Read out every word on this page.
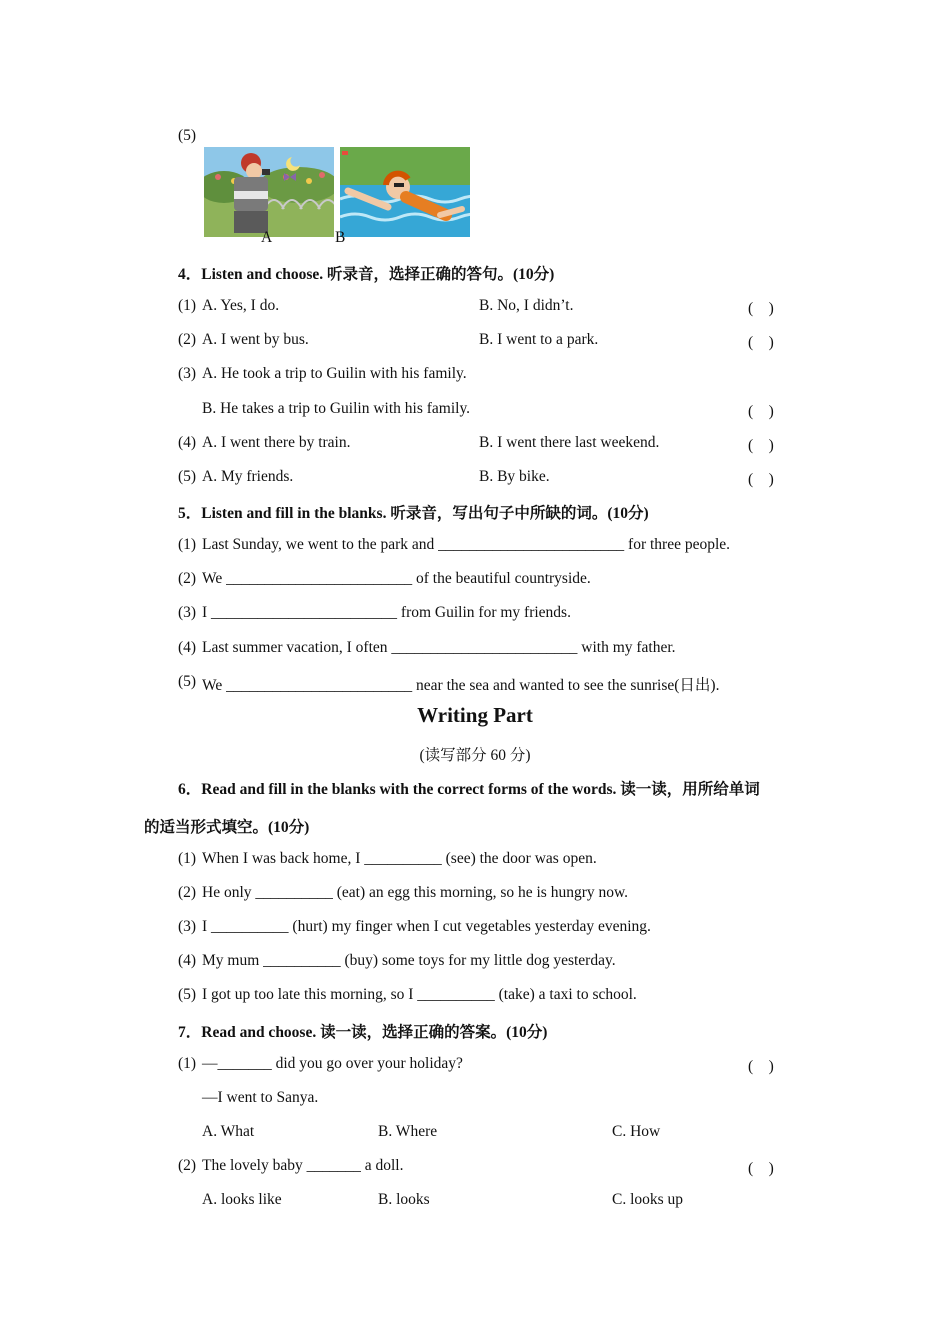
(5)
A	B
4．Listen and choose. 听录音，选择正确的答句。(10分)
(1) A. Yes, I do.	B. No, I didn’t.	(　)
(2) A. I went by bus.	B. I went to a park.	(　)
(3) A. He took a trip to Guilin with his family.
B. He takes a trip to Guilin with his family.	(　)
(4) A. I went there by train.	B. I went there last weekend.	(　)
(5) A. My friends.	B. By bike.	(　)
5．Listen and fill in the blanks. 听录音，写出句子中所缺的词。(10分)
(1) Last Sunday, we went to the park and ________________________ for three people.
(2) We ________________________ of the beautiful countryside.
(3) I ________________________ from Guilin for my friends.
(4) Last summer vacation, I often ________________________ with my father.
(5) We ________________________ near the sea and wanted to see the sunrise(日出).
Writing Part
(读写部分 60 分)
6．Read and fill in the blanks with the correct forms of the words. 读一读，用所给单词
的适当形式填空。(10分)
(1) When I was back home, I __________ (see) the door was open.
(2) He only __________ (eat) an egg this morning, so he is hungry now.
(3) I __________ (hurt) my finger when I cut vegetables yesterday evening.
(4) My mum __________ (buy) some toys for my little dog yesterday.
(5) I got up too late this morning, so I __________ (take) a taxi to school.
7．Read and choose. 读一读，选择正确的答案。(10分)
(1) —_______ did you go over your holiday?	(　)
—I went to Sanya.
A. What	B. Where	C. How
(2) The lovely baby _______ a doll.	(　)
A. looks like	B. looks	C. looks up
